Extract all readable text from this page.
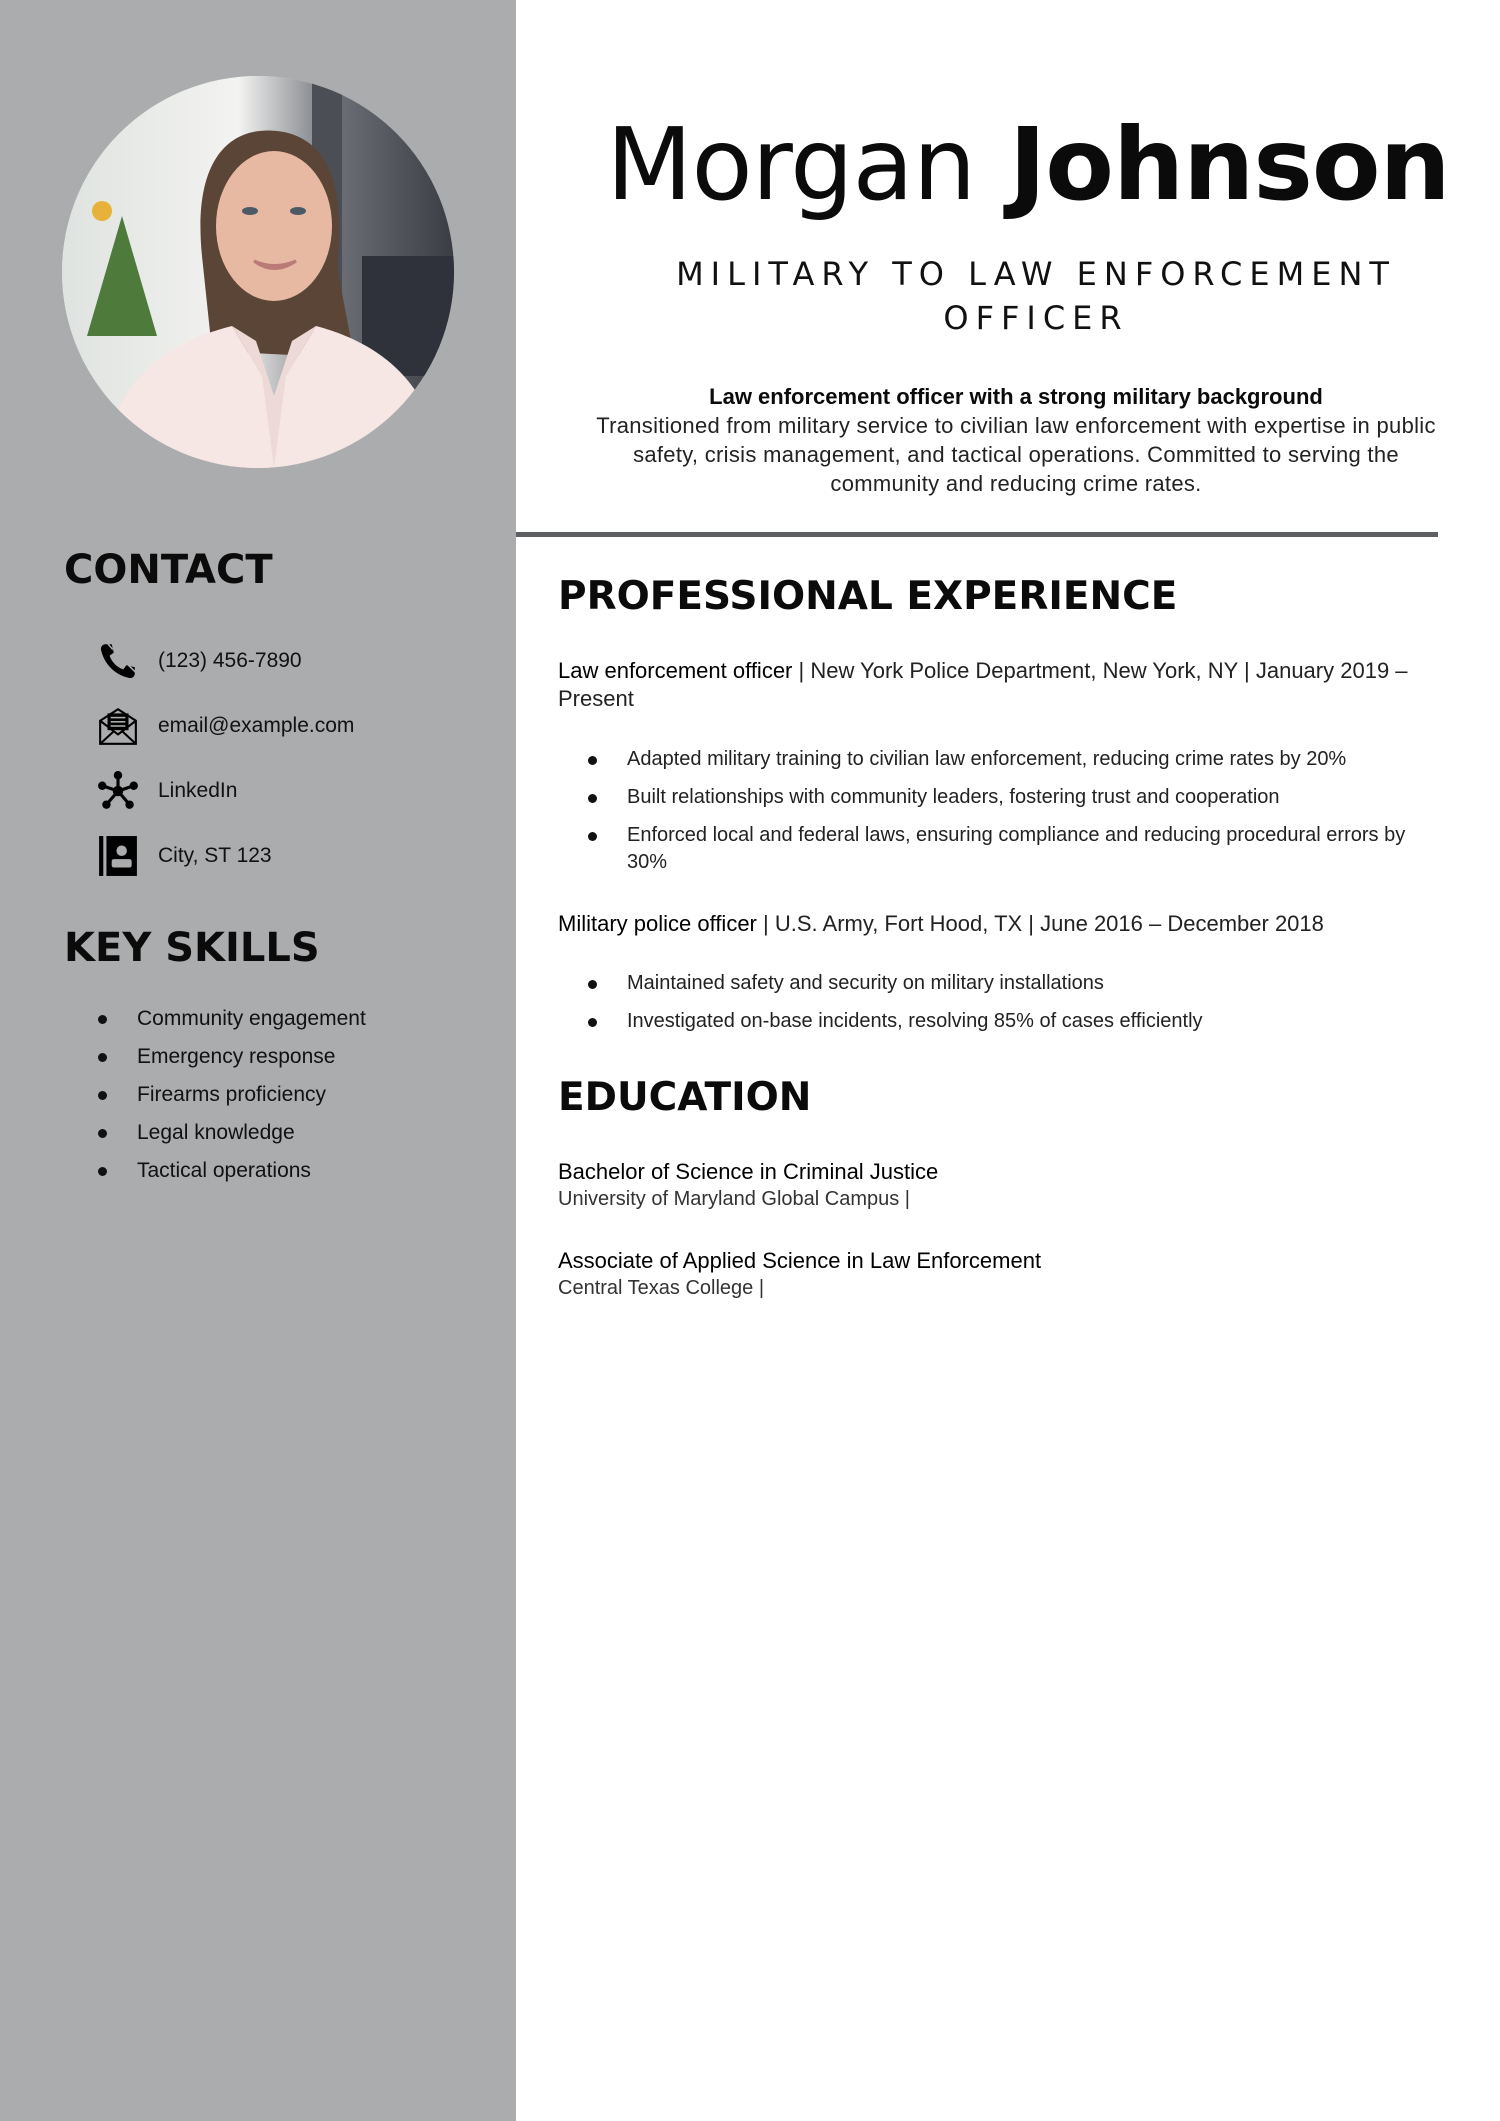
CONTACT
(123) 456-7890
email@example.com
LinkedIn
City, ST 123
KEY SKILLS
Community engagement
Emergency response
Firearms proficiency
Legal knowledge
Tactical operations
Morgan Johnson
MILITARY TO LAW ENFORCEMENT OFFICER
Law enforcement officer with a strong military background
Transitioned from military service to civilian law enforcement with expertise in public safety, crisis management, and tactical operations. Committed to serving the community and reducing crime rates.
PROFESSIONAL EXPERIENCE
Law enforcement officer | New York Police Department, New York, NY | January 2019 – Present
Adapted military training to civilian law enforcement, reducing crime rates by 20%
Built relationships with community leaders, fostering trust and cooperation
Enforced local and federal laws, ensuring compliance and reducing procedural errors by 30%
Military police officer | U.S. Army, Fort Hood, TX | June 2016 – December 2018
Maintained safety and security on military installations
Investigated on-base incidents, resolving 85% of cases efficiently
EDUCATION
Bachelor of Science in Criminal Justice
University of Maryland Global Campus |
Associate of Applied Science in Law Enforcement
Central Texas College |
